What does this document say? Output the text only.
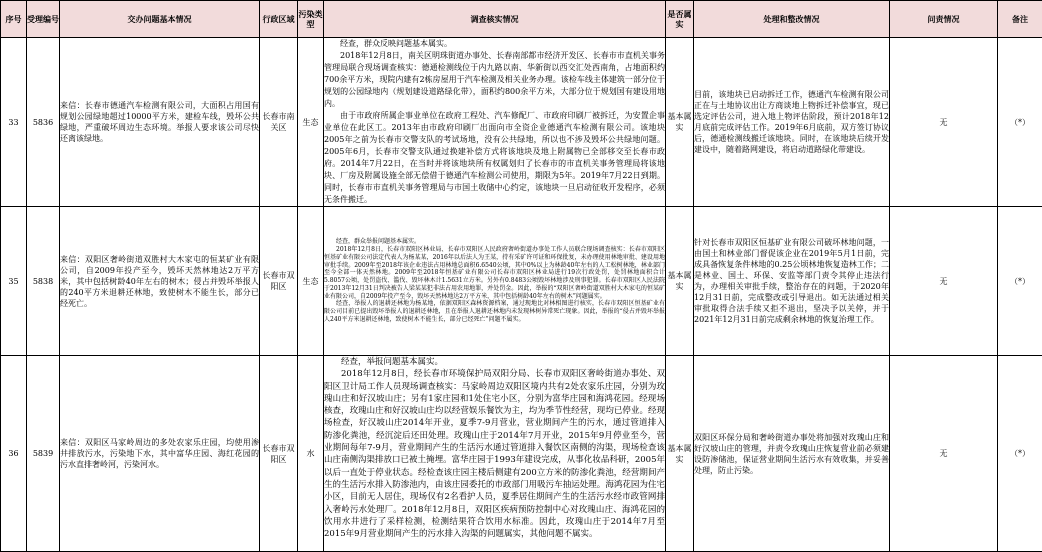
序号	受理编号	交办问题基本情况	行政区域	污染类型	调查核实情况	是否属实	处理和整改情况	问责情况	备注
33	5836	来信：长春市德通汽车检测有限公司，大面积占用国有规划公园绿地超过10000平方米，建检车线，毁坏公共绿地，严重破坏周边生态环境。举报人要求该公司尽快还离该绿地。	长春市南关区	生态	经查，群众反映问题基本属实。

2018年12月8日，南关区明珠街道办事处、长春南部都市经济开发区、长春市市直机关事务管理局联合现场调查核实：德通检测线位于内九路以南、华新街以西交汇处西南角，占地面积约700余平方米，现院内建有2栋房屋用于汽车检测及相关业务办理。该检车线主体建筑一部分位于规划的公园绿地内（规划建设道路绿化带），面积约800余平方米，大部分位于规划国有建设用地内。

由于市政府所属企事业单位在政府工程处、汽车修配厂、市政府印刷厂被拆迁，为安置企事业单位在此区工。2013年由市政府印刷厂出面向市全资企业德通汽车检测有限公司。该地块2005年之前为长春市交警支队的考试场地，没有公共绿地，所以也不涉及毁坏公共绿地问题。2005年6月，长春市交警支队通过换建补偿方式将该地块及地上附属物已全部移交至长春市政府。2014年7月22日，在当时并将该地块所有权属划归了长春市的市直机关事务管理局将该地块、厂房及附属设施全部无偿借于德通汽车检测公司使用，期限为5年。2019年7月22日到期。同时，长春市市直机关事务管理局与市国土收储中心约定，该地块一旦启动征收开发程序，必须无条件搬迁。	基本属实	目前，该地块已启动拆迁工作，德通汽车检测有限公司正在与土地协议出让方商谈地上物拆迁补偿事宜，现已选定评估公司，进入地上物评估阶段，预计2018年12月底前完成评估工作。2019年6月底前，双方签订协议后，德通检测线搬迁该地块。同时，在该地块后续开发建设中，随着路网建设，将启动道路绿化带建设。	无	（*）
35	5838	来信：双阳区奢岭街道双胜村大木家屯的恒某矿业有限公司，自2009年投产至今，毁坏天然林地达2万平方米，其中包括树龄40年左右的树木；侵占并毁坏举报人的240平方米退耕还林地，致使树木不能生长，部分已经死亡。	长春市双阳区	生态	经查，群众举报问题基本属实。

2018年12月8日，长春市双阳区林业局、长春市双阳区人民政府奢岭街道办事处工作人员联合现场调查核实：长春市双阳区恒基矿业有限公司法定代表人为杨某某，2016年以后法人为王某，持有采矿许可证和环保批复，未办理使用林地审批、建设用地审批手续。2009年至2018年该企业违法占用林地总面积6.6540公顷，其中0%以上为林龄40年左右的人工松树林地，林业部门至今全部一体天然林地。2009年至2018年恒基矿业有限公司长春市双阳区林业局进行19次行政处罚，处罚林地面积合计5.8057公顷，处罚盗伐、滥伐、毁坏林木计1.5631立方米。另外有0.8483公顷毁坏林地涉及刑事犯罪。长春市双阳区人民法院于2013年12月31日判决被告人梁某某犯非法占用农用地罪，并处罚金。因此，举报的“双阳区奢岭街道双胜村大木家屯的恒某矿业有限公司，自2009年投产至今，毁坏天然林地达2万平方米，其中包括树龄40年左右的树木”问题属实。

经查，举报人的退耕还林地为杨某地，依据双阳区森林资源档案，通过现地比对林相图进行核实，长春市双阳区恒基矿业有限公司目前已提出毁坏举报人的退耕还林地，且在举报人退耕还林地内未发现林树异常死亡现象。因此，举报的“侵占并毁坏举报人240平方米退耕还林地，致使树木不能生长，部分已经死亡”问题不属实。	基本属实	针对长春市双阳区恒基矿业有限公司破坏林地问题，一由国土和林业部门督促该企业在2019年5月1日前，完成具备恢复条件林地的0.25公顷林地恢复造林工作；二是林业、国土、环保、安监等部门责令其停止违法行为，办理相关审批手续，整治存在的问题，于2020年12月31日前，完成整改或引导退出。如无法通过相关审批取得合法手续又拒不退出，坚决予以关停，并于2021年12月31日前完成剩余林地的恢复治理工作。	无	（*）
36	5839	来信：双阳区马家岭周边的多处农家乐庄园，均使用渗井排放污水，污染地下水，其中富华庄园、海红花园的污水直排奢岭河，污染河水。	长春市双阳区	水	经查，举报问题基本属实。

2018年12月8日，经长春市环境保护局双阳分局、长春市双阳区奢岭街道办事处、双阳区卫计局工作人员现场调查核实：马家岭周边双阳区境内共有2处农家乐庄园，分别为玫瑰山庄和好汉坡山庄；另有1家庄园和1处住宅小区，分别为富华庄园和海鸿花园。经现场核查，玫瑰山庄和好汉坡山庄均以经营娱乐餐饮为主，均为季节性经营，现均已停业。经现场检查，好汉坡山庄2014年开业，夏季7-9月营业，营业期间产生的污水，通过管道排入防渗化粪池，经沉淀后还田处理。玫瑰山庄于2014年7月开业，2015年9月停业至今，营业期间每年7-9月，营业期间产生的生活污水通过管道排入餐饮区南侧的沟渠，现场检查该山庄南侧沟渠排放口已被土掩埋。富华庄园于1993年建设完成，从事化妆品科研，2005年以后一直处于停业状态。经检查该庄园主楼后侧建有200立方米的防渗化粪池，经营期间产生的生活污水排入防渗池内，由该庄园委托的市政部门用吸污车抽运处理。海鸿花园为住宅小区，目前无人居住，现场仅有2名看护人员，夏季居住期间产生的生活污水经市政管网排入奢岭污水处理厂。2018年12月8日，双阳区疾病预防控制中心对玫瑰山庄、海鸿花园的饮用水井进行了采样检测，检测结果符合饮用水标准。因此，玫瑰山庄于2014年7月至2015年9月营业期间产生的污水排入沟渠的问题属实，其他问题不属实。	基本属实	双阳区环保分局和奢岭街道办事处将加强对玫瑰山庄和好汉坡山庄的管理，并责令玫瑰山庄恢复营业前必须建设防渗储池，保证营业期间生活污水有效收集，并妥善处理，防止污染。	无	（*）
